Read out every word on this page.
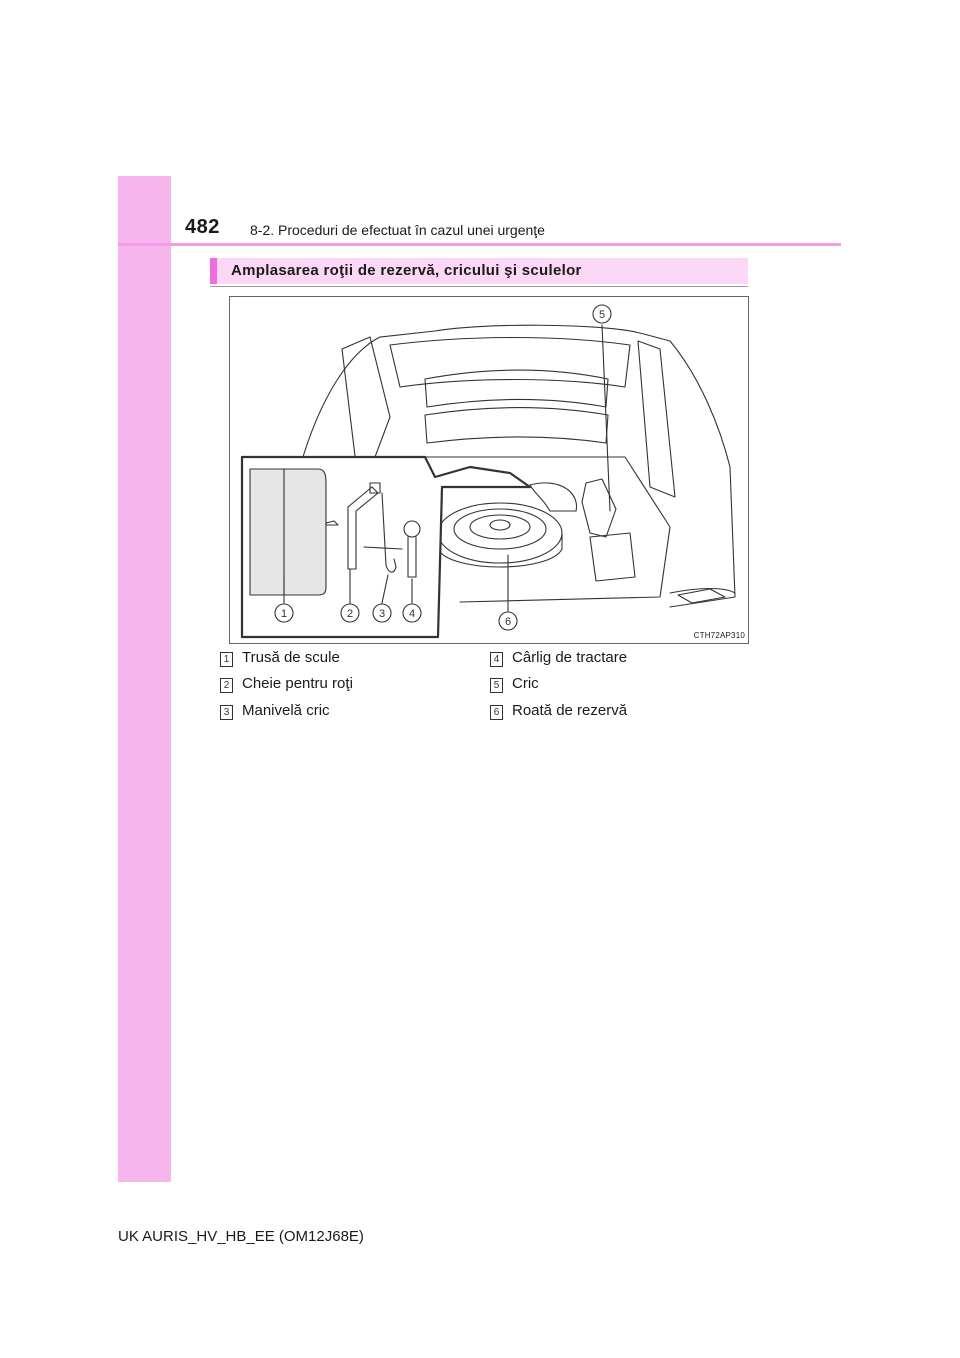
482 8-2. Proceduri de efectuat în cazul unei urgenţe
Amplasarea roţii de rezervă, cricului şi sculelor
1	2 3 4
5
6
CTH72AP310
1 Trusă de scule
2 Cheie pentru roţi
3 Manivelă cric
4 Cârlig de tractare
5 Cric
6 Roată de rezervă
UK AURIS_HV_HB_EE (OM12J68E)
